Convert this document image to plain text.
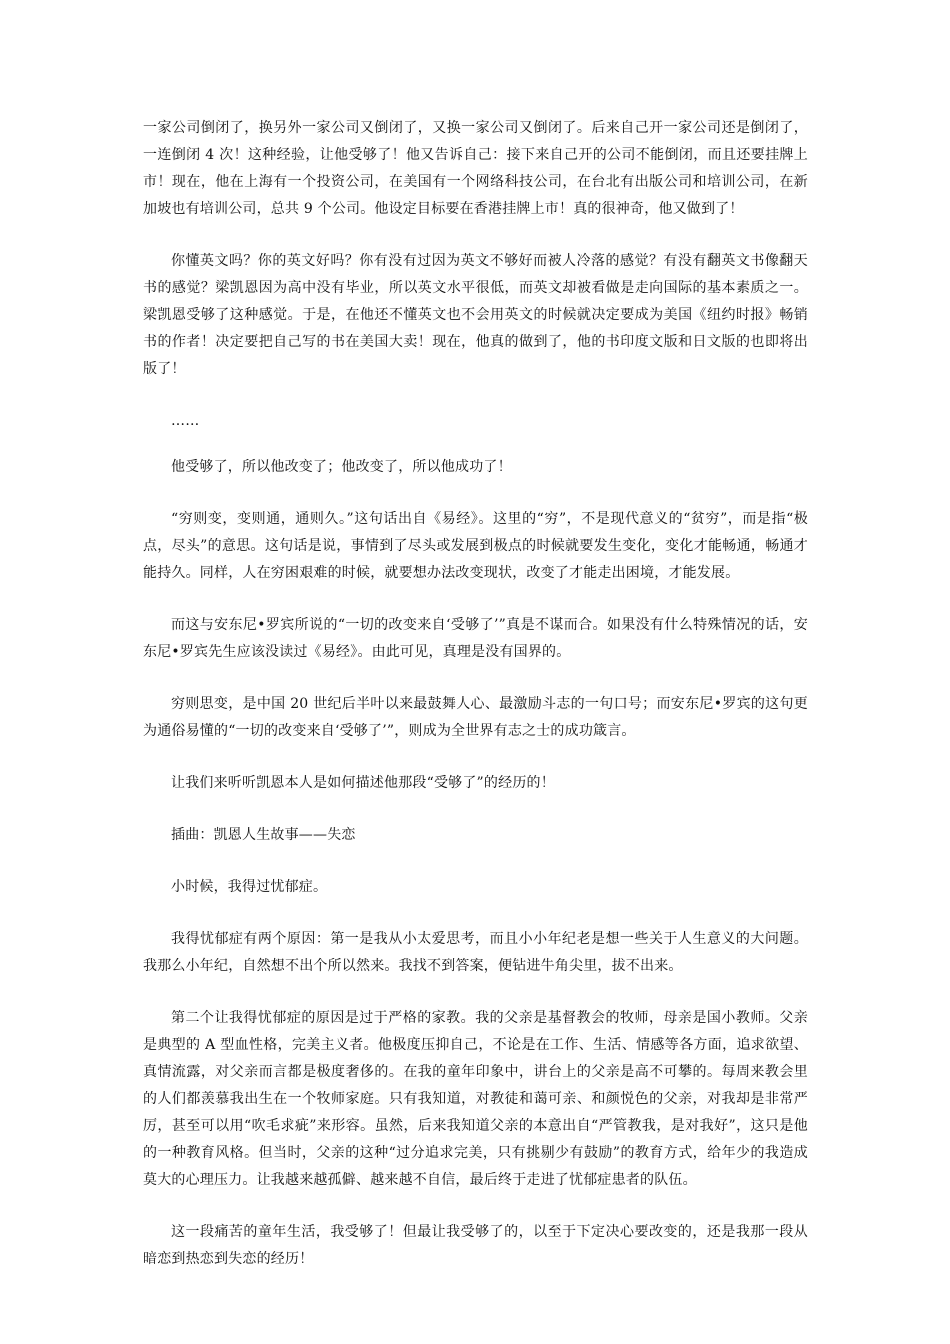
一家公司倒闭了，换另外一家公司又倒闭了，又换一家公司又倒闭了。后来自己开一家公司还是倒闭了，一连倒闭 4 次！这种经验，让他受够了！他又告诉自己：接下来自己开的公司不能倒闭，而且还要挂牌上市！现在，他在上海有一个投资公司，在美国有一个网络科技公司，在台北有出版公司和培训公司，在新加坡也有培训公司，总共 9 个公司。他设定目标要在香港挂牌上市！真的很神奇，他又做到了！

你懂英文吗？你的英文好吗？你有没有过因为英文不够好而被人冷落的感觉？有没有翻英文书像翻天书的感觉？梁凯恩因为高中没有毕业，所以英文水平很低，而英文却被看做是走向国际的基本素质之一。梁凯恩受够了这种感觉。于是，在他还不懂英文也不会用英文的时候就决定要成为美国《纽约时报》畅销书的作者！决定要把自己写的书在美国大卖！现在，他真的做到了，他的书印度文版和日文版的也即将出版了！

……

他受够了，所以他改变了；他改变了，所以他成功了！

“穷则变，变则通，通则久。”这句话出自《易经》。这里的“穷”，不是现代意义的“贫穷”，而是指“极点，尽头”的意思。这句话是说，事情到了尽头或发展到极点的时候就要发生变化，变化才能畅通，畅通才能持久。同样，人在穷困艰难的时候，就要想办法改变现状，改变了才能走出困境，才能发展。

而这与安东尼•罗宾所说的“一切的改变来自‘受够了’”真是不谋而合。如果没有什么特殊情况的话，安东尼•罗宾先生应该没读过《易经》。由此可见，真理是没有国界的。

穷则思变，是中国 20 世纪后半叶以来最鼓舞人心、最激励斗志的一句口号；而安东尼•罗宾的这句更为通俗易懂的“一切的改变来自‘受够了’”，则成为全世界有志之士的成功箴言。

让我们来听听凯恩本人是如何描述他那段“受够了”的经历的！

插曲：凯恩人生故事——失恋

小时候，我得过忧郁症。

我得忧郁症有两个原因：第一是我从小太爱思考，而且小小年纪老是想一些关于人生意义的大问题。我那么小年纪，自然想不出个所以然来。我找不到答案，便钻进牛角尖里，拔不出来。

第二个让我得忧郁症的原因是过于严格的家教。我的父亲是基督教会的牧师，母亲是国小教师。父亲是典型的 A 型血性格，完美主义者。他极度压抑自己，不论是在工作、生活、情感等各方面，追求欲望、真情流露，对父亲而言都是极度奢侈的。在我的童年印象中，讲台上的父亲是高不可攀的。每周来教会里的人们都羡慕我出生在一个牧师家庭。只有我知道，对教徒和蔼可亲、和颜悦色的父亲，对我却是非常严厉，甚至可以用“吹毛求疵”来形容。虽然，后来我知道父亲的本意出自“严管教我，是对我好”，这只是他的一种教育风格。但当时，父亲的这种“过分追求完美，只有挑剔少有鼓励”的教育方式，给年少的我造成莫大的心理压力。让我越来越孤僻、越来越不自信，最后终于走进了忧郁症患者的队伍。

这一段痛苦的童年生活，我受够了！但最让我受够了的，以至于下定决心要改变的，还是我那一段从暗恋到热恋到失恋的经历！
